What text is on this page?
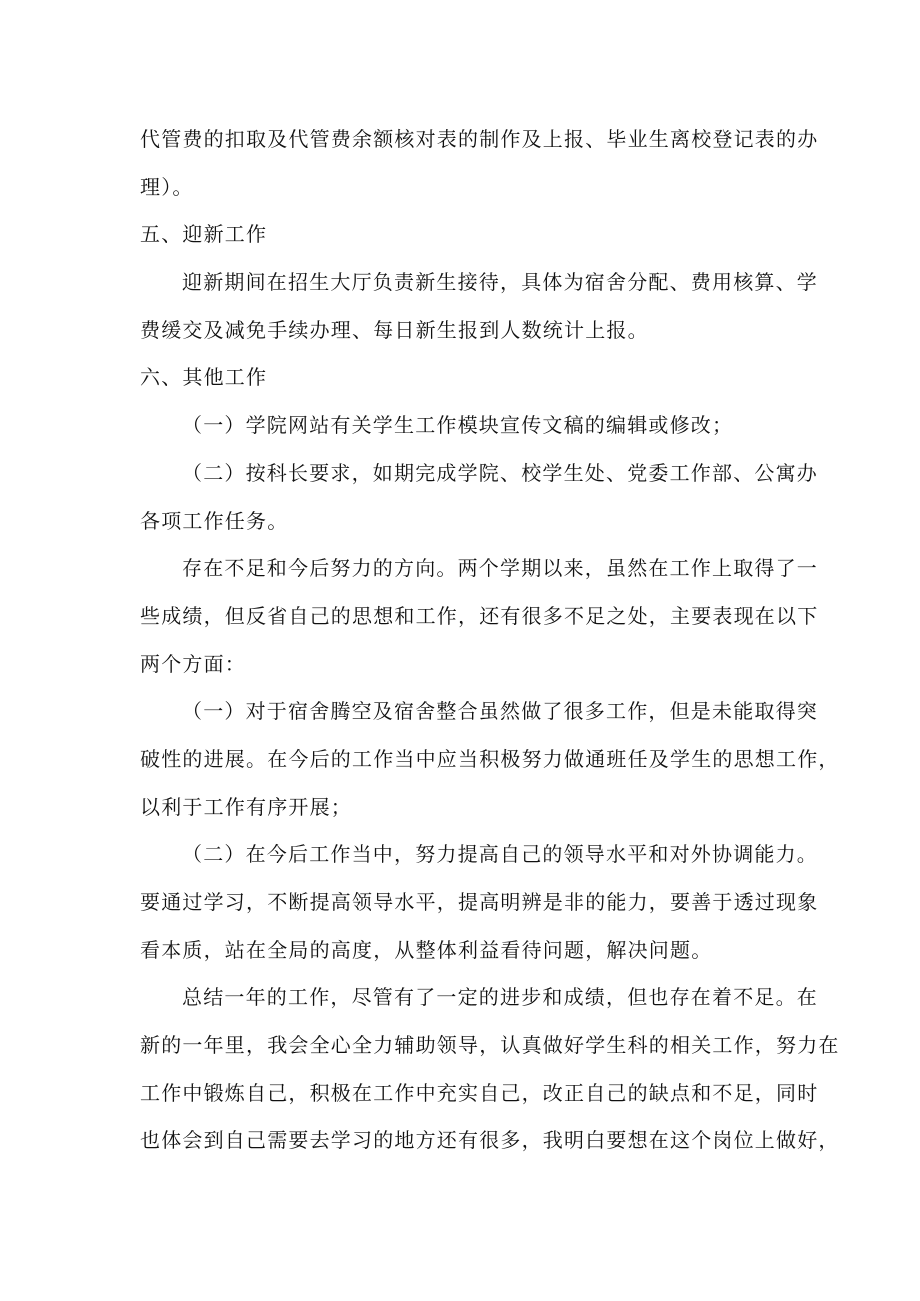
代管费的扣取及代管费余额核对表的制作及上报、毕业生离校登记表的办
理）。
五、迎新工作
迎新期间在招生大厅负责新生接待，具体为宿舍分配、费用核算、学
费缓交及减免手续办理、每日新生报到人数统计上报。
六、其他工作
（一）学院网站有关学生工作模块宣传文稿的编辑或修改；
（二）按科长要求，如期完成学院、校学生处、党委工作部、公寓办
各项工作任务。
存在不足和今后努力的方向。两个学期以来，虽然在工作上取得了一
些成绩，但反省自己的思想和工作，还有很多不足之处，主要表现在以下
两个方面：
（一）对于宿舍腾空及宿舍整合虽然做了很多工作，但是未能取得突
破性的进展。在今后的工作当中应当积极努力做通班任及学生的思想工作，
以利于工作有序开展；
（二）在今后工作当中，努力提高自己的领导水平和对外协调能力。
要通过学习，不断提高领导水平，提高明辨是非的能力，要善于透过现象
看本质，站在全局的高度，从整体利益看待问题，解决问题。
总结一年的工作，尽管有了一定的进步和成绩，但也存在着不足。在
新的一年里，我会全心全力辅助领导，认真做好学生科的相关工作，努力在
工作中锻炼自己，积极在工作中充实自己，改正自己的缺点和不足，同时
也体会到自己需要去学习的地方还有很多，我明白要想在这个岗位上做好，
